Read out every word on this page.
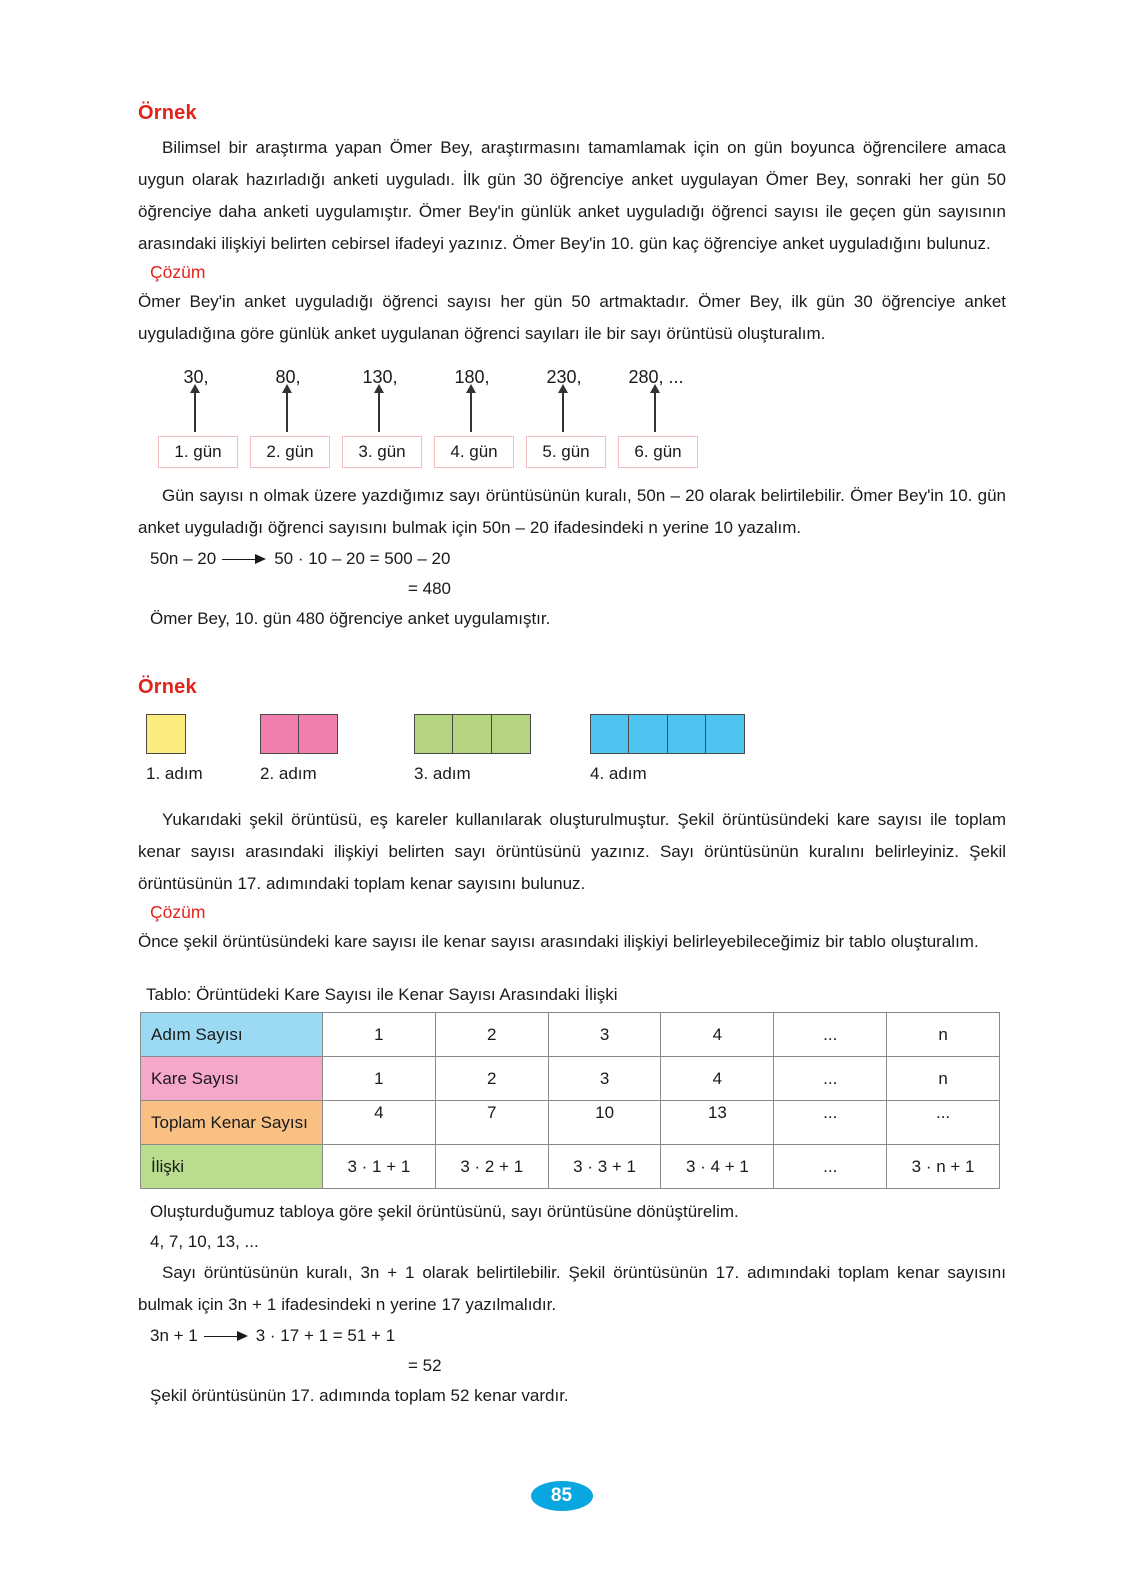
Örnek

Bilimsel bir araştırma yapan Ömer Bey, araştırmasını tamamlamak için on gün boyunca öğrencilere amaca uygun olarak hazırladığı anketi uyguladı. İlk gün 30 öğrenciye anket uygulayan Ömer Bey, sonraki her gün 50 öğrenciye daha anketi uygulamıştır. Ömer Bey'in günlük anket uyguladığı öğrenci sayısı ile geçen gün sayısının arasındaki ilişkiyi belirten cebirsel ifadeyi yazınız. Ömer Bey'in 10. gün kaç öğrenciye anket uyguladığını bulunuz.

Çözüm

Ömer Bey'in anket uyguladığı öğrenci sayısı her gün 50 artmaktadır. Ömer Bey, ilk gün 30 öğrenciye anket uyguladığına göre günlük anket uygulanan öğrenci sayıları ile bir sayı örüntüsü oluşturalım.

30,
1. gün
80,
2. gün
130,
3. gün
180,
4. gün
230,
5. gün
280, ...
6. gün

Gün sayısı n olmak üzere yazdığımız sayı örüntüsünün kuralı, 50n – 20 olarak belirtilebilir. Ömer Bey'in 10. gün anket uyguladığı öğrenci sayısını bulmak için 50n – 20 ifadesindeki n yerine 10 yazalım.

50n – 20	50 · 10 – 20 = 500 – 20
= 480
Ömer Bey, 10. gün 480 öğrenciye anket uygulamıştır.
Örnek
1. adım	2. adım	3. adım	4. adım

Yukarıdaki şekil örüntüsü, eş kareler kullanılarak oluşturulmuştur. Şekil örüntüsündeki kare sayısı ile toplam kenar sayısı arasındaki ilişkiyi belirten sayı örüntüsünü yazınız. Sayı örüntüsünün kuralını belirleyiniz. Şekil örüntüsünün 17. adımındaki toplam kenar sayısını bulunuz.

Çözüm

Önce şekil örüntüsündeki kare sayısı ile kenar sayısı arasındaki ilişkiyi belirleyebileceğimiz bir tablo oluşturalım.

Tablo: Örüntüdeki Kare Sayısı ile Kenar Sayısı Arasındaki İlişki
Adım Sayısı	1	2	3	4	...	n
Kare Sayısı	1	2	3	4	...	n
Toplam Kenar Sayısı	4	7	10	13	...	...
İlişki	3 · 1 + 1	3 · 2 + 1	3 · 3 + 1	3 · 4 + 1	...	3 · n + 1
Oluşturduğumuz tabloya göre şekil örüntüsünü, sayı örüntüsüne dönüştürelim.
4, 7, 10, 13, ...

Sayı örüntüsünün kuralı, 3n + 1 olarak belirtilebilir. Şekil örüntüsünün 17. adımındaki toplam kenar sayısını bulmak için 3n + 1 ifadesindeki n yerine 17 yazılmalıdır.

3n + 1	3 · 17 + 1 = 51 + 1
= 52
Şekil örüntüsünün 17. adımında toplam 52 kenar vardır.
85
